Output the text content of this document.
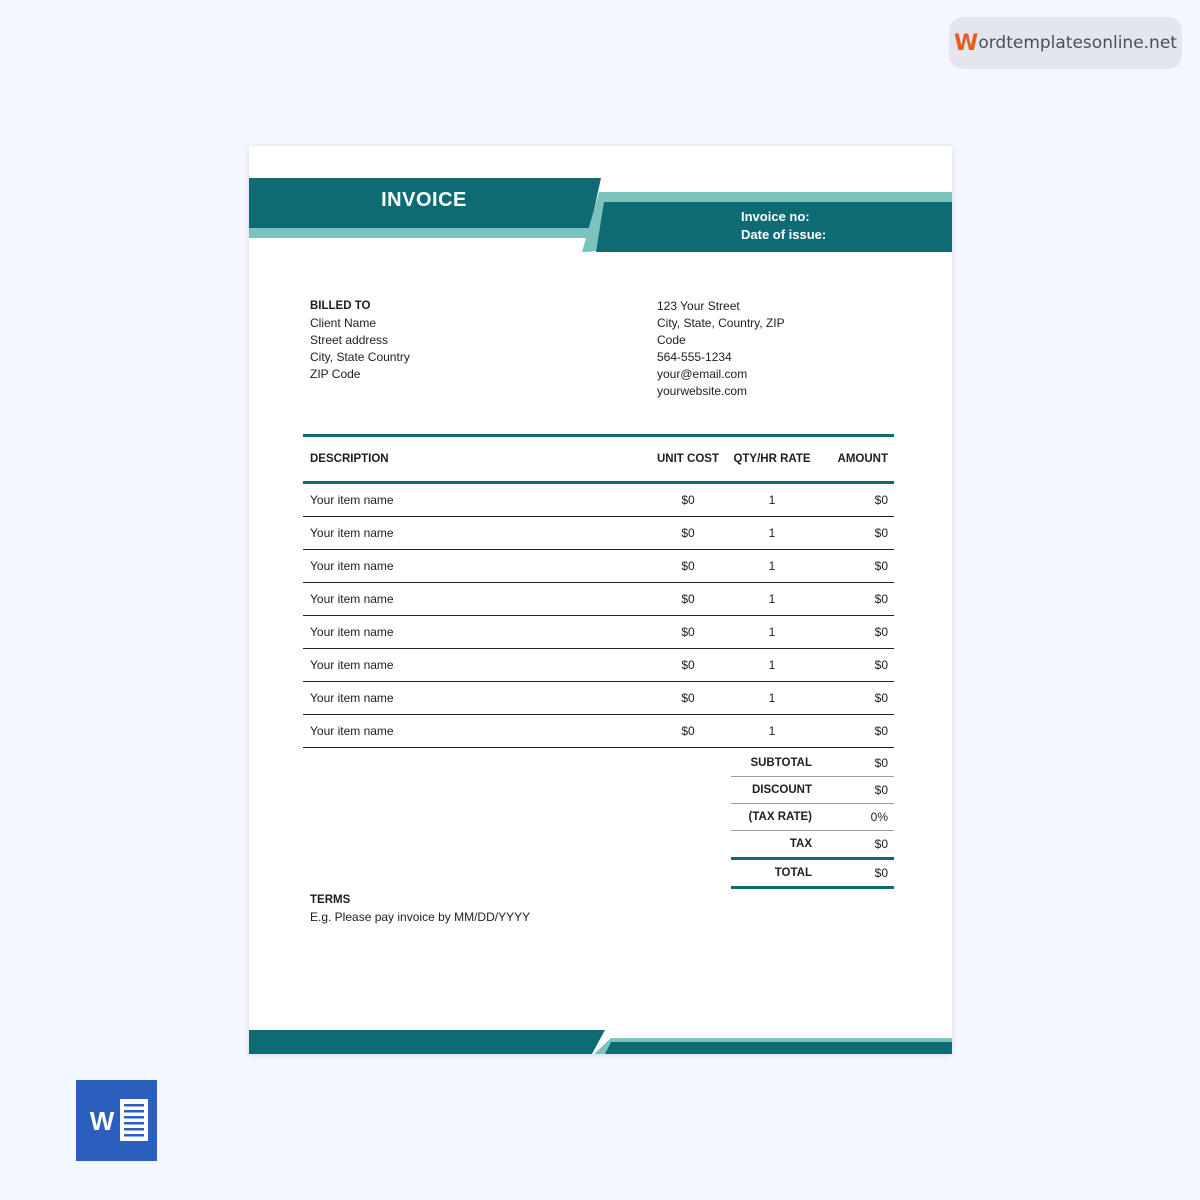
W ordtemplatesonline.net
INVOICE
Invoice no:
Date of issue:
BILLED TO
Client Name
Street address
City, State Country
ZIP Code
123 Your Street
City, State, Country, ZIP
Code
564-555-1234
your@email.com
yourwebsite.com
DESCRIPTION	UNIT COST	QTY/HR RATE	AMOUNT
Your item name	$0	1	$0
Your item name	$0	1	$0
Your item name	$0	1	$0
Your item name	$0	1	$0
Your item name	$0	1	$0
Your item name	$0	1	$0
Your item name	$0	1	$0
Your item name	$0	1	$0
SUBTOTAL	$0
DISCOUNT	$0
(TAX RATE)	0%
TAX	$0
TOTAL	$0
TERMS
E.g. Please pay invoice by MM/DD/YYYY
W
